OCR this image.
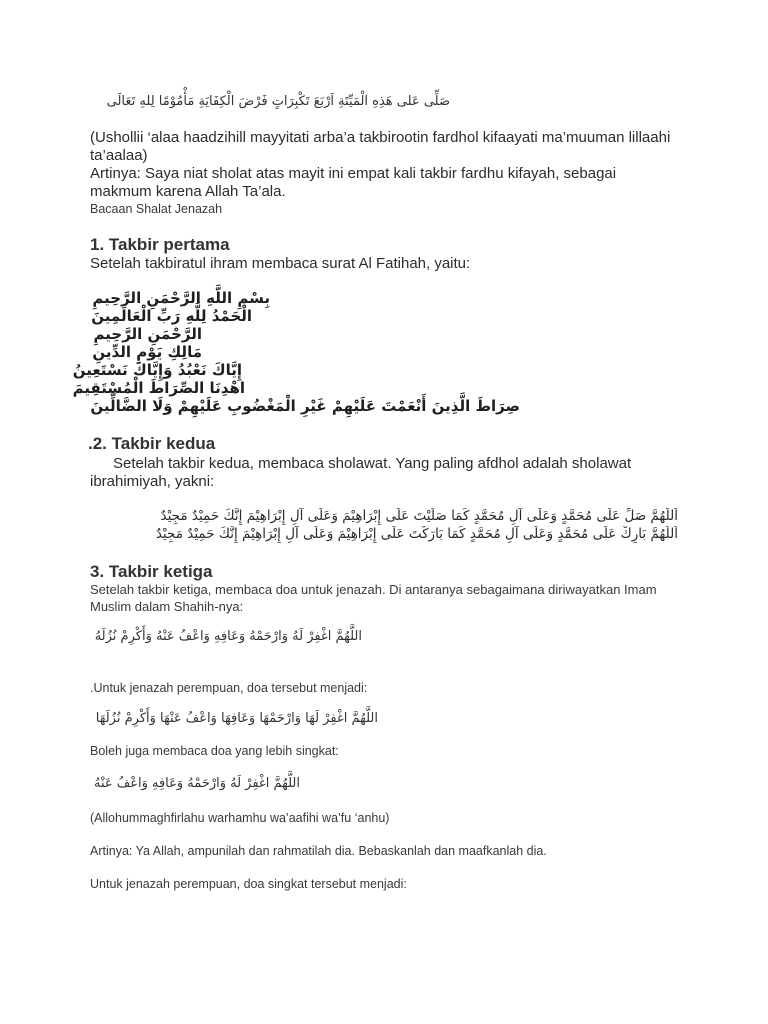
صَلِّى عَلى هَذِهِ الْمَيِّتَةِ اَرْبَعَ تَكْبِرَاتٍ فَرْضَ الْكِفَايَةِ مَأْمُوْمًا لِلهِ تَعَالَى

(Ushollii ‘alaa haadzihill mayyitati arba’a takbirootin fardhol kifaayati ma’muuman lillaahi ta’aalaa)

Artinya: Saya niat sholat atas mayit ini empat kali takbir fardhu kifayah, sebagai makmum karena Allah Ta’ala.

Bacaan Shalat Jenazah

1. Takbir pertama

Setelah takbiratul ihram membaca surat Al Fatihah, yaitu:

بِسْمِ اللَّهِ الرَّحْمَنِ الرَّحِيمِ
الْحَمْدُ لِلَّهِ رَبِّ الْعَالَمِينَ
الرَّحْمَنِ الرَّحِيمِ
مَالِكِ يَوْمِ الدِّينِ
إِيَّاكَ نَعْبُدُ وَإِيَّاكَ نَسْتَعِينُ
اهْدِنَا الصِّرَاطَ الْمُسْتَقِيمَ
صِرَاطَ الَّذِينَ أَنْعَمْتَ عَلَيْهِمْ غَيْرِ الْمَغْضُوبِ عَلَيْهِمْ وَلَا الضَّالِّينَ
.2. Takbir kedua

Setelah takbir kedua, membaca sholawat. Yang paling afdhol adalah sholawat

ibrahimiyah, yakni:

اَللَّهُمَّ صَلِّ عَلَى مُحَمَّدٍ وَعَلَى آلِ مُحَمَّدٍ كَمَا صَلَّيْتَ عَلَى إِبْرَاهِيْمَ وَعَلَى آلِ إِبْرَاهِيْمَ إِنَّكَ حَمِيْدٌ مَجِيْدٌ
اَللَّهُمَّ بَارِكْ عَلَى مُحَمَّدٍ وَعَلَى آلِ مُحَمَّدٍ كَمَا بَارَكْتَ عَلَى إِبْرَاهِيْمَ وَعَلَى آلِ إِبْرَاهِيْمَ إِنَّكَ حَمِيْدٌ مَجِيْدٌ
3. Takbir ketiga

Setelah takbir ketiga, membaca doa untuk jenazah. Di antaranya sebagaimana diriwayatkan Imam Muslim dalam Shahih-nya:

اللَّهُمَّ اغْفِرْ لَهُ وَارْحَمْهُ وَعَافِهِ وَاعْفُ عَنْهُ وَأَكْرِمْ نُزُلَهُ

.Untuk jenazah perempuan, doa tersebut menjadi:

اللَّهُمَّ اغْفِرْ لَهَا وَارْحَمْهَا وَعَافِهَا وَاعْفُ عَنْهَا وَأَكْرِمْ نُزُلَهَا

Boleh juga membaca doa yang lebih singkat:

اللَّهُمَّ اغْفِرْ لَهُ وَارْحَمْهُ وَعَافِهِ وَاعْفُ عَنْهُ

(Allohummaghfirlahu warhamhu wa’aafihi wa’fu ‘anhu)

Artinya: Ya Allah, ampunilah dan rahmatilah dia. Bebaskanlah dan maafkanlah dia.

Untuk jenazah perempuan, doa singkat tersebut menjadi:
